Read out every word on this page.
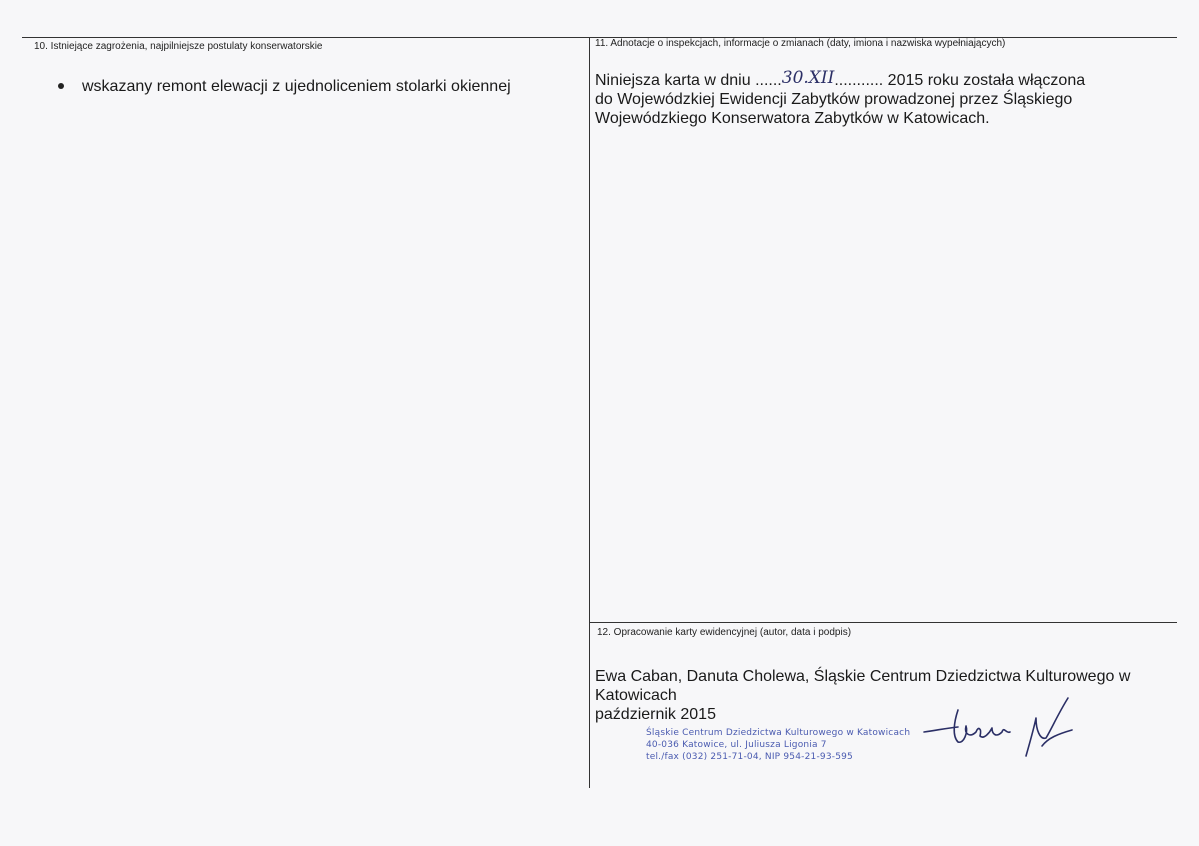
10. Istniejące zagrożenia, najpilniejsze postulaty konserwatorskie
wskazany remont elewacji z ujednoliceniem stolarki okiennej
11. Adnotacje o inspekcjach, informacje o zmianach (daty, imiona i nazwiska wypełniających)
Niniejsza karta w dniu ......30.XII........... 2015 roku została włączona
do Wojewódzkiej Ewidencji Zabytków prowadzonej przez Śląskiego
Wojewódzkiego Konserwatora Zabytków w Katowicach.
12. Opracowanie karty ewidencyjnej (autor, data i podpis)
Ewa Caban, Danuta Cholewa, Śląskie Centrum Dziedzictwa Kulturowego w
Katowicach
październik 2015
Śląskie Centrum Dziedzictwa Kulturowego w Katowicach
40-036 Katowice, ul. Juliusza Ligonia 7
tel./fax (032) 251-71-04, NIP 954-21-93-595
